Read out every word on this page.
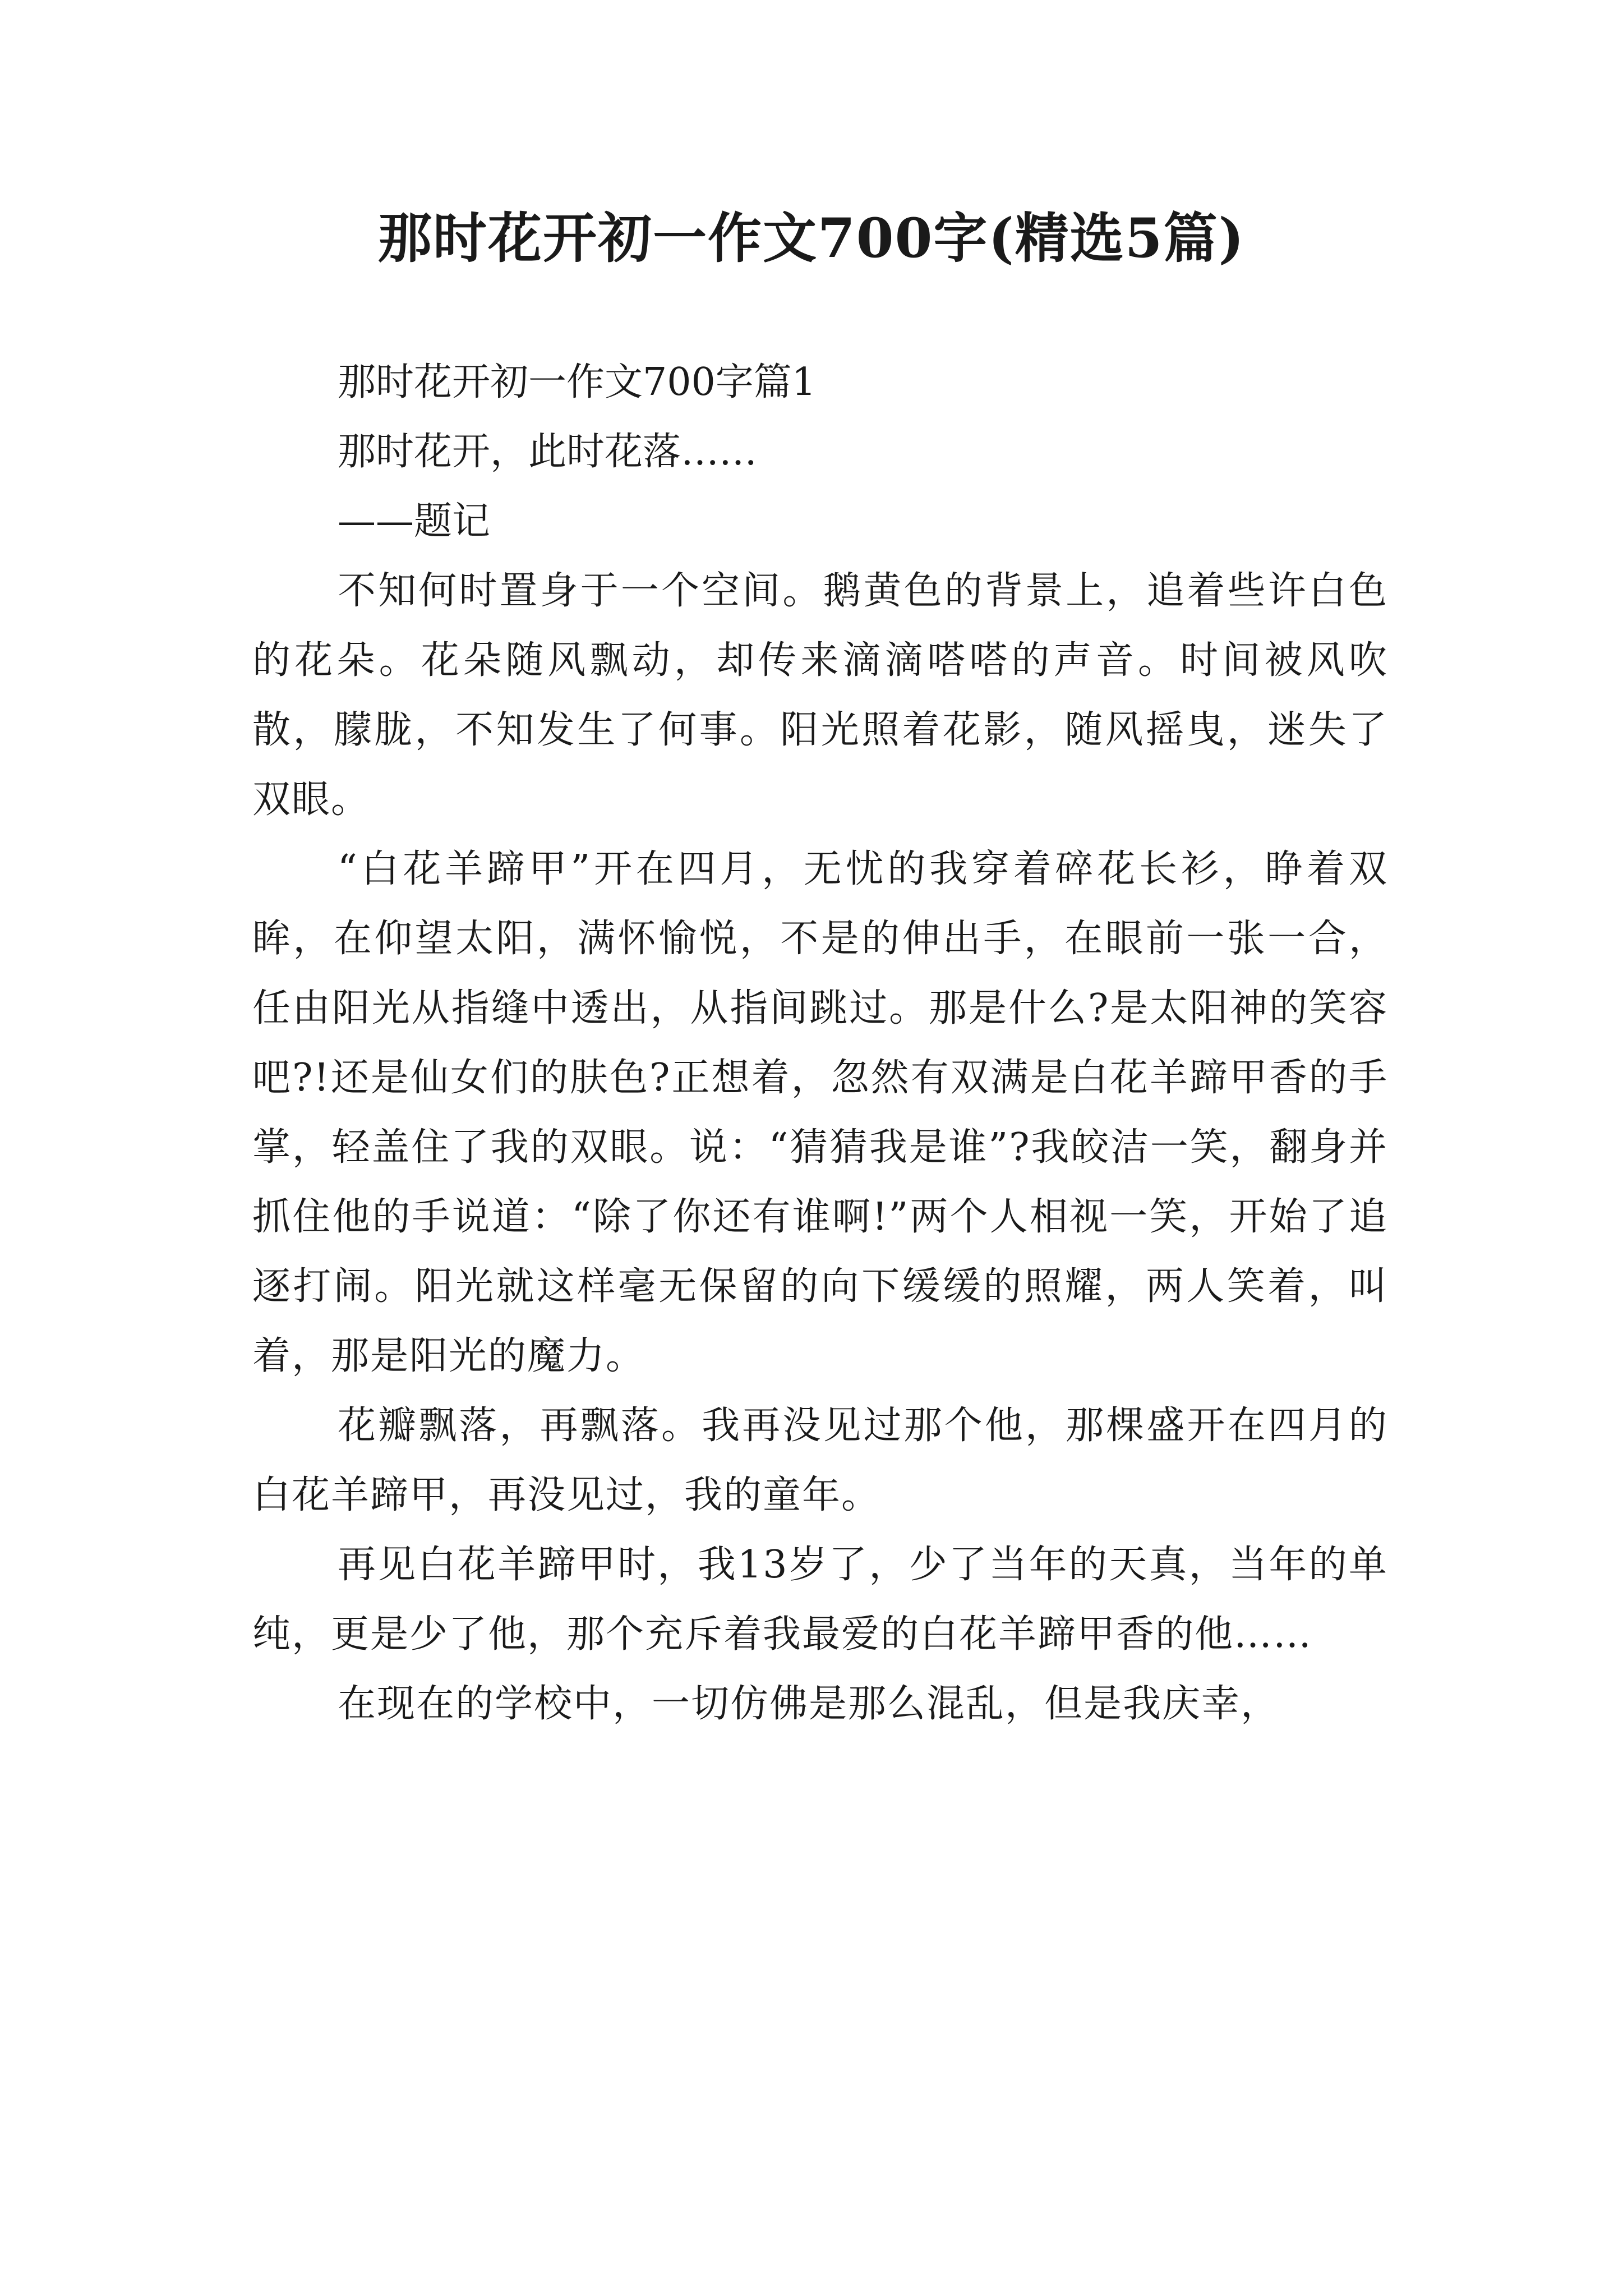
那时花开初一作文700字(精选5篇)

那时花开初一作文700字篇1

那时花开，此时花落……

——题记

不知何时置身于一个空间。鹅黄色的背景上，追着些许白色的花朵。花朵随风飘动，却传来滴滴嗒嗒的声音。时间被风吹散，朦胧，不知发生了何事。阳光照着花影，随风摇曳，迷失了双眼。

“白花羊蹄甲”开在四月，无忧的我穿着碎花长衫，睁着双眸，在仰望太阳，满怀愉悦，不是的伸出手，在眼前一张一合，任由阳光从指缝中透出，从指间跳过。那是什么?是太阳神的笑容吧?!还是仙女们的肤色?正想着，忽然有双满是白花羊蹄甲香的手掌，轻盖住了我的双眼。说：“猜猜我是谁”?我皎洁一笑，翻身并抓住他的手说道：“除了你还有谁啊!”两个人相视一笑，开始了追逐打闹。阳光就这样毫无保留的向下缓缓的照耀，两人笑着，叫着，那是阳光的魔力。

花瓣飘落，再飘落。我再没见过那个他，那棵盛开在四月的白花羊蹄甲，再没见过，我的童年。

再见白花羊蹄甲时，我13岁了，少了当年的天真，当年的单纯，更是少了他，那个充斥着我最爱的白花羊蹄甲香的他……

在现在的学校中，一切仿佛是那么混乱，但是我庆幸，
